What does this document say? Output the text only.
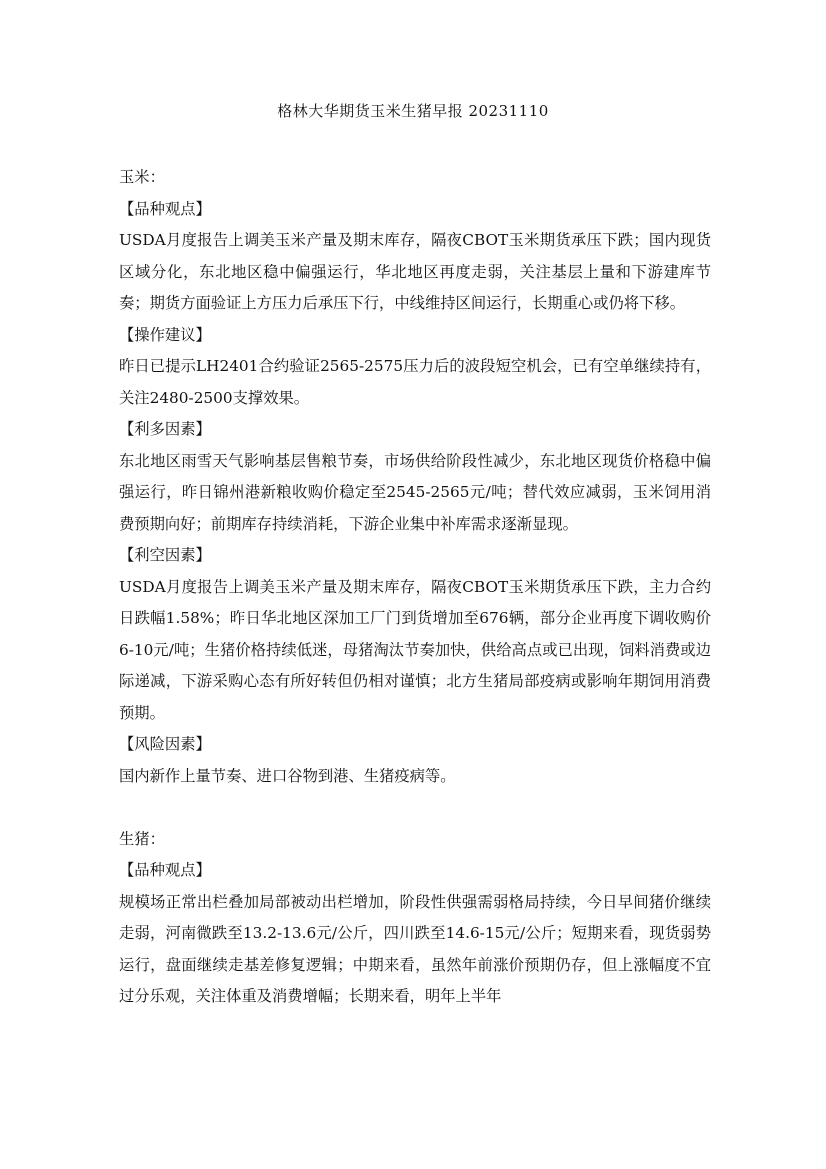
格林大华期货玉米生猪早报 20231110

玉米：

【品种观点】

USDA月度报告上调美玉米产量及期末库存，隔夜CBOT玉米期货承压下跌；国内现货区域分化，东北地区稳中偏强运行，华北地区再度走弱，关注基层上量和下游建库节奏；期货方面验证上方压力后承压下行，中线维持区间运行，长期重心或仍将下移。

【操作建议】

昨日已提示LH2401合约验证2565-2575压力后的波段短空机会，已有空单继续持有，关注2480-2500支撑效果。

【利多因素】

东北地区雨雪天气影响基层售粮节奏，市场供给阶段性减少，东北地区现货价格稳中偏强运行，昨日锦州港新粮收购价稳定至2545-2565元/吨；替代效应减弱，玉米饲用消费预期向好；前期库存持续消耗，下游企业集中补库需求逐渐显现。

【利空因素】

USDA月度报告上调美玉米产量及期末库存，隔夜CBOT玉米期货承压下跌，主力合约日跌幅1.58%；昨日华北地区深加工厂门到货增加至676辆，部分企业再度下调收购价6-10元/吨；生猪价格持续低迷，母猪淘汰节奏加快，供给高点或已出现，饲料消费或边际递减，下游采购心态有所好转但仍相对谨慎；北方生猪局部疫病或影响年期饲用消费预期。

【风险因素】

国内新作上量节奏、进口谷物到港、生猪疫病等。

生猪：

【品种观点】

规模场正常出栏叠加局部被动出栏增加，阶段性供强需弱格局持续，今日早间猪价继续走弱，河南微跌至13.2-13.6元/公斤，四川跌至14.6-15元/公斤；短期来看，现货弱势运行，盘面继续走基差修复逻辑；中期来看，虽然年前涨价预期仍存，但上涨幅度不宜过分乐观，关注体重及消费增幅；长期来看，明年上半年
